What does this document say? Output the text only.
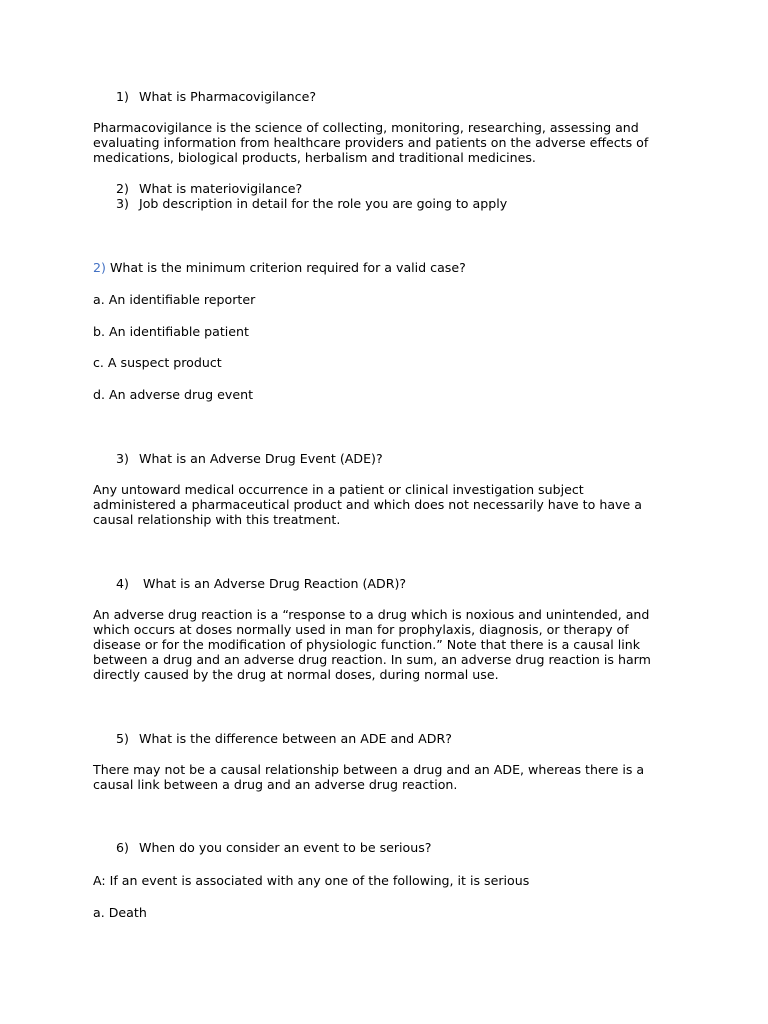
1) What is Pharmacovigilance?
Pharmacovigilance is the science of collecting, monitoring, researching, assessing and
evaluating information from healthcare providers and patients on the adverse effects of
medications, biological products, herbalism and traditional medicines.
2) What is materiovigilance?
3) Job description in detail for the role you are going to apply
2) What is the minimum criterion required for a valid case?
a. An identifiable reporter
b. An identifiable patient
c. A suspect product
d. An adverse drug event
3) What is an Adverse Drug Event (ADE)?
Any untoward medical occurrence in a patient or clinical investigation subject
administered a pharmaceutical product and which does not necessarily have to have a
causal relationship with this treatment.
4) What is an Adverse Drug Reaction (ADR)?
An adverse drug reaction is a “response to a drug which is noxious and unintended, and
which occurs at doses normally used in man for prophylaxis, diagnosis, or therapy of
disease or for the modification of physiologic function.” Note that there is a causal link
between a drug and an adverse drug reaction. In sum, an adverse drug reaction is harm
directly caused by the drug at normal doses, during normal use.
5) What is the difference between an ADE and ADR?
There may not be a causal relationship between a drug and an ADE, whereas there is a
causal link between a drug and an adverse drug reaction.
6) When do you consider an event to be serious?
A: If an event is associated with any one of the following, it is serious
a. Death
